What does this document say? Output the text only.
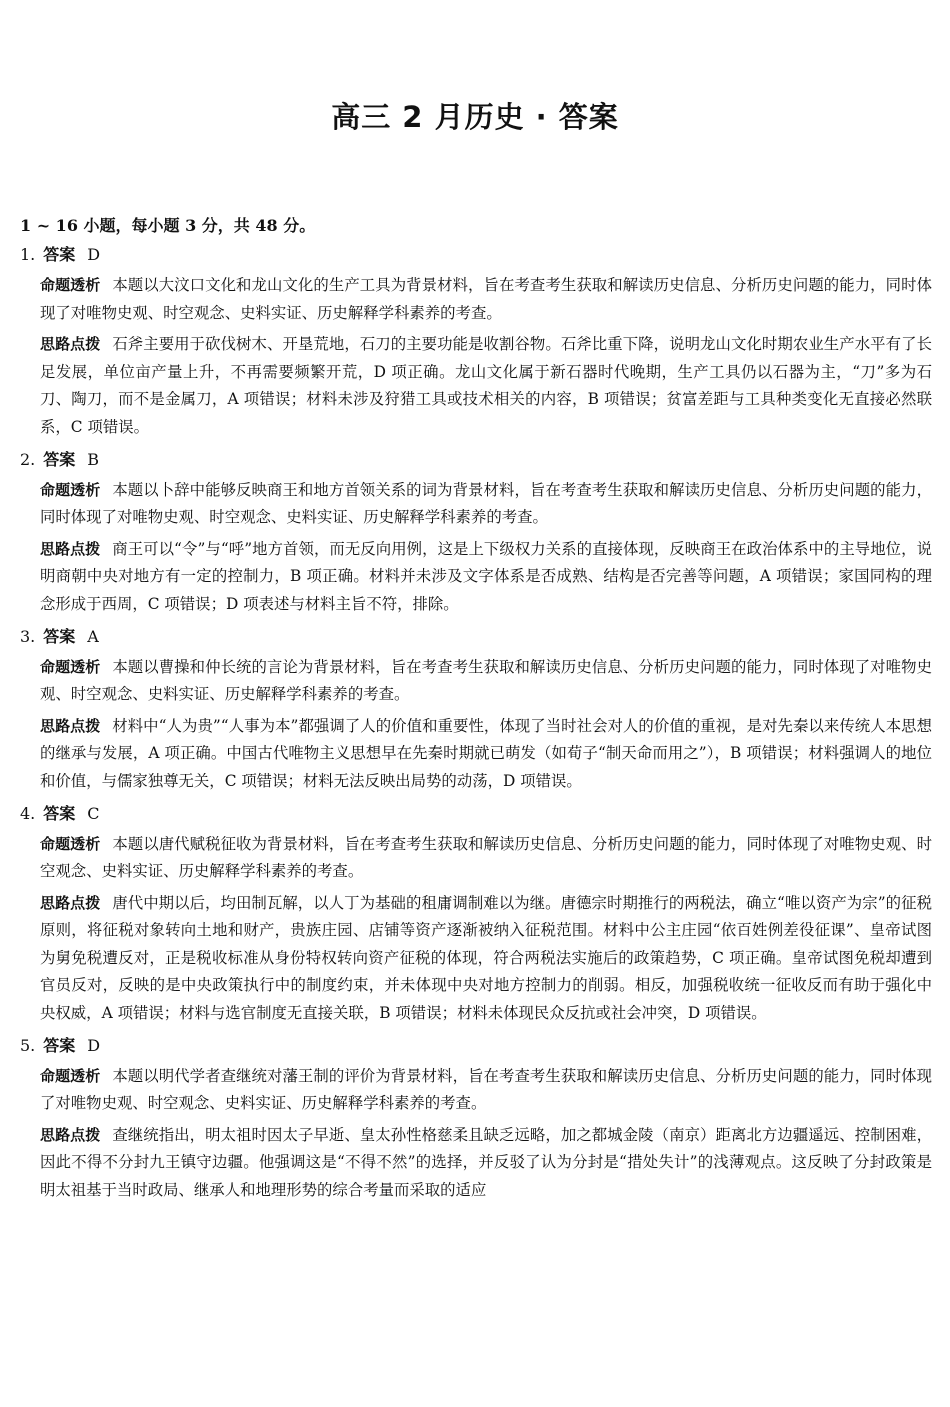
高三 2 月历史 · 答案
1 ~ 16 小题，每小题 3 分，共 48 分。
1. 答案 D
命题透析 本题以大汶口文化和龙山文化的生产工具为背景材料，旨在考查考生获取和解读历史信息、分析历史问题的能力，同时体现了对唯物史观、时空观念、史料实证、历史解释学科素养的考查。
思路点拨 石斧主要用于砍伐树木、开垦荒地，石刀的主要功能是收割谷物。石斧比重下降，说明龙山文化时期农业生产水平有了长足发展，单位亩产量上升，不再需要频繁开荒，D 项正确。龙山文化属于新石器时代晚期，生产工具仍以石器为主，“刀”多为石刀、陶刀，而不是金属刀，A 项错误；材料未涉及狩猎工具或技术相关的内容，B 项错误；贫富差距与工具种类变化无直接必然联系，C 项错误。
2. 答案 B
命题透析 本题以卜辞中能够反映商王和地方首领关系的词为背景材料，旨在考查考生获取和解读历史信息、分析历史问题的能力，同时体现了对唯物史观、时空观念、史料实证、历史解释学科素养的考查。
思路点拨 商王可以“令”与“呼”地方首领，而无反向用例，这是上下级权力关系的直接体现，反映商王在政治体系中的主导地位，说明商朝中央对地方有一定的控制力，B 项正确。材料并未涉及文字体系是否成熟、结构是否完善等问题，A 项错误；家国同构的理念形成于西周，C 项错误；D 项表述与材料主旨不符，排除。
3. 答案 A
命题透析 本题以曹操和仲长统的言论为背景材料，旨在考查考生获取和解读历史信息、分析历史问题的能力，同时体现了对唯物史观、时空观念、史料实证、历史解释学科素养的考查。
思路点拨 材料中“人为贵”“人事为本”都强调了人的价值和重要性，体现了当时社会对人的价值的重视，是对先秦以来传统人本思想的继承与发展，A 项正确。中国古代唯物主义思想早在先秦时期就已萌发（如荀子“制天命而用之”），B 项错误；材料强调人的地位和价值，与儒家独尊无关，C 项错误；材料无法反映出局势的动荡，D 项错误。
4. 答案 C
命题透析 本题以唐代赋税征收为背景材料，旨在考查考生获取和解读历史信息、分析历史问题的能力，同时体现了对唯物史观、时空观念、史料实证、历史解释学科素养的考查。
思路点拨 唐代中期以后，均田制瓦解，以人丁为基础的租庸调制难以为继。唐德宗时期推行的两税法，确立“唯以资产为宗”的征税原则，将征税对象转向土地和财产，贵族庄园、店铺等资产逐渐被纳入征税范围。材料中公主庄园“依百姓例差役征课”、皇帝试图为舅免税遭反对，正是税收标准从身份特权转向资产征税的体现，符合两税法实施后的政策趋势，C 项正确。皇帝试图免税却遭到官员反对，反映的是中央政策执行中的制度约束，并未体现中央对地方控制力的削弱。相反，加强税收统一征收反而有助于强化中央权威，A 项错误；材料与选官制度无直接关联，B 项错误；材料未体现民众反抗或社会冲突，D 项错误。
5. 答案 D
命题透析 本题以明代学者查继统对藩王制的评价为背景材料，旨在考查考生获取和解读历史信息、分析历史问题的能力，同时体现了对唯物史观、时空观念、史料实证、历史解释学科素养的考查。
思路点拨 查继统指出，明太祖时因太子早逝、皇太孙性格慈柔且缺乏远略，加之都城金陵（南京）距离北方边疆遥远、控制困难，因此不得不分封九王镇守边疆。他强调这是“不得不然”的选择，并反驳了认为分封是“措处失计”的浅薄观点。这反映了分封政策是明太祖基于当时政局、继承人和地理形势的综合考量而采取的适应
